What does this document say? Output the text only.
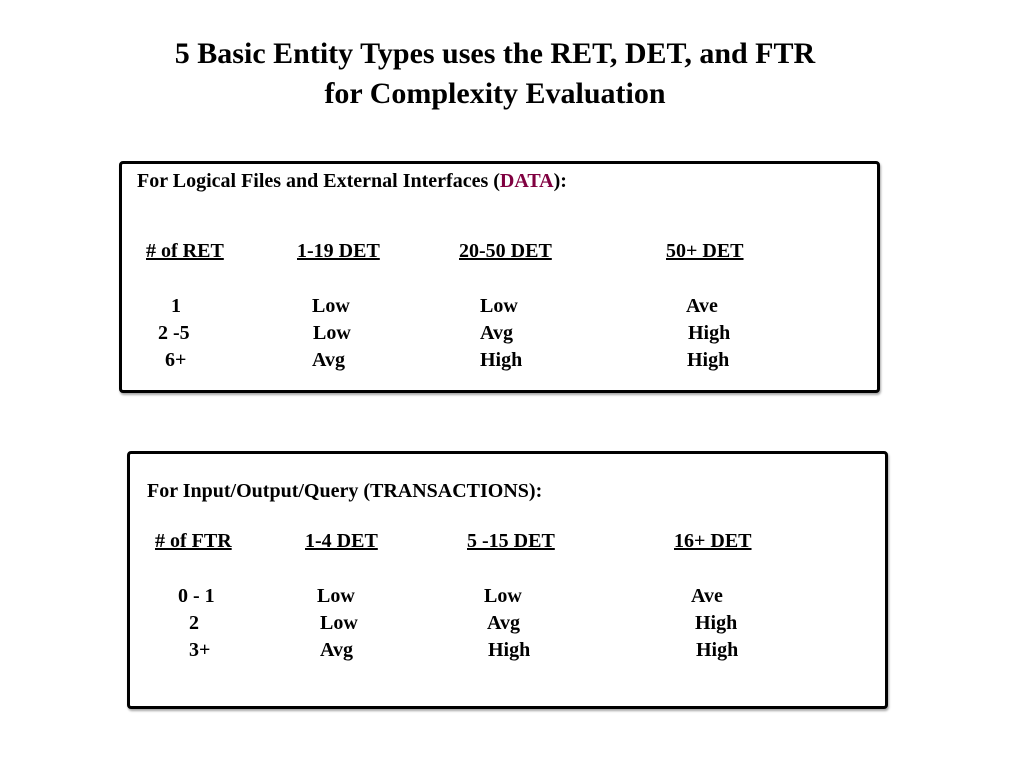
5 Basic Entity Types uses the RET, DET, and FTR
for Complexity Evaluation
For Logical Files and External Interfaces (DATA):
# of RET	1-19 DET	20-50 DET	50+ DET
1	Low	Low	Ave
2 -5	Low	Avg	High
6+	Avg	High	High
For Input/Output/Query (TRANSACTIONS):
# of FTR	1-4 DET	5 -15 DET	16+ DET
0 - 1	Low	Low	Ave
2	Low	Avg	High
3+	Avg	High	High
